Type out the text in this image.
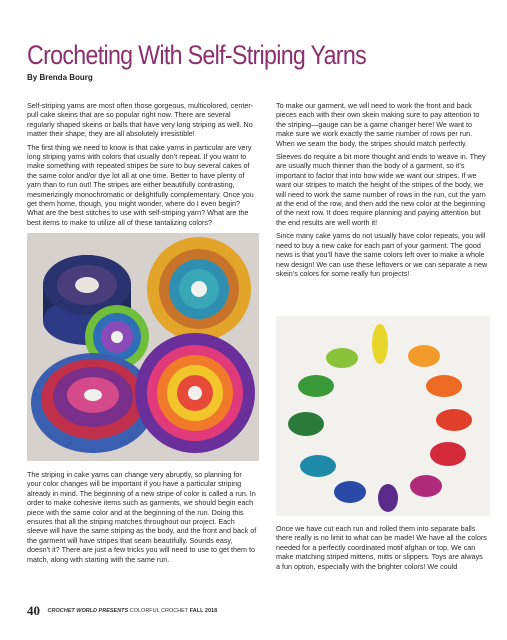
Crocheting With Self-Striping Yarns
By Brenda Bourg

Self-striping yarns are most often those gorgeous, multicolored, center-pull cake skeins that are so popular right now. There are several regularly shaped skeins or balls that have very long striping as well. No matter their shape, they are all absolutely irresistible!

The first thing we need to know is that cake yarns in particular are very long striping yarns with colors that usually don’t repeat. If you want to make something with repeated stripes be sure to buy several cakes of the same color and/or dye lot all at one time. Better to have plenty of yarn than to run out! The stripes are either beautifully contrasting, mesmerizingly monochromatic or delightfully complementary. Once you get them home, though, you might wonder, where do I even begin? What are the best stitches to use with self-striping yarn? What are the best items to make to utilize all of these tantalizing colors?

To make our garment, we will need to work the front and back pieces each with their own skein making sure to pay attention to the striping—gauge can be a game changer here! We want to make sure we work exactly the same number of rows per run. When we seam the body, the stripes should match perfectly.

Sleeves do require a bit more thought and ends to weave in. They are usually much thinner than the body of a garment, so it’s important to factor that into how wide we want our stripes. If we want our stripes to match the height of the stripes of the body, we will need to work the same number of rows in the run, cut the yarn at the end of the row, and then add the new color at the beginning of the next row. It does require planning and paying attention but the end results are well worth it!

Since many cake yarns do not usually have color repeats, you will need to buy a new cake for each part of your garment. The good news is that you’ll have the same colors left over to make a whole new design! We can use these leftovers or we can separate a new skein’s colors for some really fun projects!

The striping in cake yarns can change very abruptly, so planning for your color changes will be important if you have a particular striping already in mind. The beginning of a new stripe of color is called a run. In order to make cohesive items such as garments, we should begin each piece with the same color and at the beginning of the run. Doing this ensures that all the striping matches throughout our project. Each sleeve will have the same striping as the body, and the front and back of the garment will have stripes that seam beautifully. Sounds easy, doesn’t it? There are just a few tricks you will need to use to get them to match, along with starting with the same run.

Once we have cut each run and rolled them into separate balls there really is no limit to what can be made! We have all the colors needed for a perfectly coordinated motif afghan or top. We can make matching striped mittens, mitts or slippers. Toys are always a fun option, especially with the brighter colors! We could

40 CROCHET WORLD PRESENTS COLORFUL CROCHET FALL 2018
